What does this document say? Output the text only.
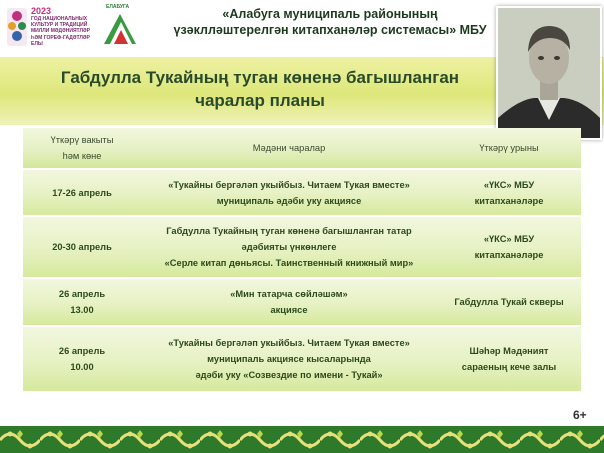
2023
ГОД НАЦИОНАЛЬНЫХ КУЛЬТУР И ТРАДИЦИЙ МИЛЛИ МӘДӘНИЯТЛӘР ҺӘМ ГОРЕФ-ГАДӘТЛӘР ЕЛЫ
ЕЛАБУГА	«Алабуга муниципаль районының
үзәклләштерелгән китапханәләр системасы» МБУ
Габдулла Тукайның туган көненә багышланган
чаралар планы
Үткәрү вакыты
һәм көне
Мәдәни чаралар	Үткәрү урыны
17-26 апрель
«Тукайны бергәләп укыйбыз. Читаем Тукая вместе»
муниципаль әдәби уку акциясе
«ҮКС» МБУ
китапханәләре
20-30 апрель
Габдулла Тукайның туган көненә багышланган татар
әдәбияты үнкөнлеге
«Серле китап дөньясы. Таинственный книжный мир»
«ҮКС» МБУ
китапханәләре
26 апрель
13.00
«Мин татарча сөйләшәм»
акциясе
Габдулла Тукай скверы
26 апрель
10.00
«Тукайны бергәләп укыйбыз. Читаем Тукая вместе»
муниципаль акциясе кысаларында
әдәби уку «Созвездие по имени - Тукай»
Шәһәр Мәдәният
сараеның кече залы
6+
